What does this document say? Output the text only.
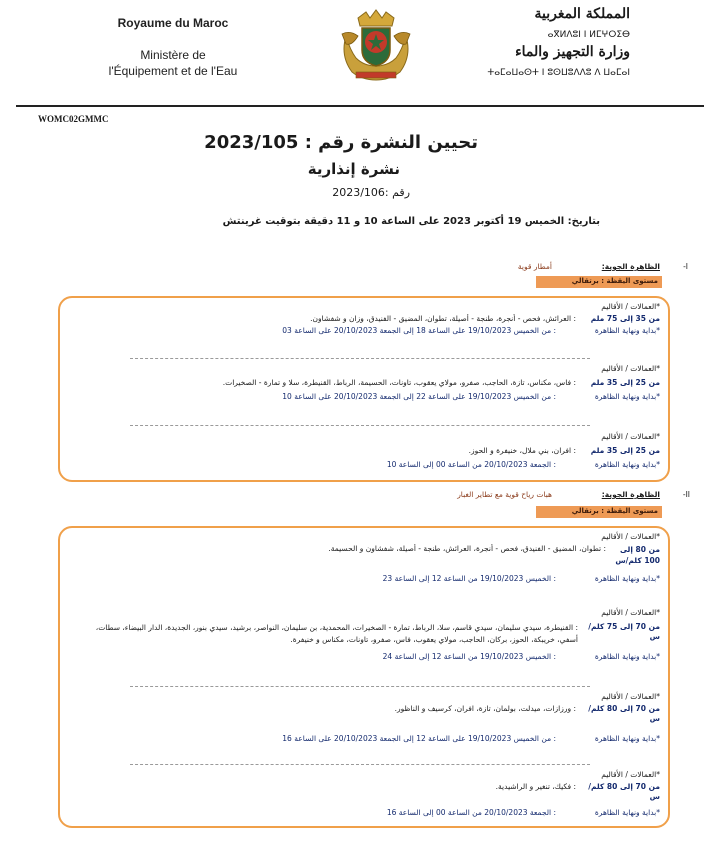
Royaume du Maroc
Ministère de
l'Équipement et de l'Eau
المملكة المغربية
ⴰⴳⵍⴷⵓⵏ ⵏ ⵍⵎⵖⵔⵉⴱ
وزارة التجهيز والماء
ⵜⴰⵎⴰⵡⴰⵙⵜ ⵏ ⵓⵙⵡⵓⴷⴷⵓ ⴷ ⵡⴰⵎⴰⵏ
WOMC02GMMC
تحيين النشرة رقم : 2023/105
نشرة إنذارية
رقم :2023/106
بتاريخ: الخميس 19 أكتوبر 2023 على الساعة 10 و 11 دقيقة بتوقيت غرينتش
-I
الظاهرة الجوية:
أمطار قوية
مستوى اليقظة : برتقالي
*العمالات / الأقاليم
من 35 إلى 75 ملم
: العرائش، فحص - أنجرة، طنجة - أصيلة، تطوان، المضيق - الفنيدق، وزان و شفشاون.
*بداية ونهاية الظاهرة
: من الخميس 19/10/2023 على الساعة 18 إلى الجمعة 20/10/2023 على الساعة 03
*العمالات / الأقاليم
من 25 إلى 35 ملم
: فاس، مكناس، تازة، الحاجب، صفرو، مولاي يعقوب، تاونات، الحسيمة، الرباط، القنيطرة، سلا و تمارة - الصخيرات.
*بداية ونهاية الظاهرة
: من الخميس 19/10/2023 على الساعة 22 إلى الجمعة 20/10/2023 على الساعة 10
*العمالات / الأقاليم
من 25 إلى 35 ملم
: افران، بني ملال، خنيفرة و الحوز.
*بداية ونهاية الظاهرة
: الجمعة 20/10/2023 من الساعة 00 إلى الساعة 10
-II
الظاهرة الجوية:
هبات رياح قوية مع تطاير الغبار
مستوى اليقظة : برتقالي
*العمالات / الأقاليم
من 80 إلى 100 كلم/س
: تطوان، المضيق - الفنيدق، فحص - أنجرة، العرائش، طنجة - أصيلة، شفشاون و الحسيمة.
*بداية ونهاية الظاهرة
: الخميس 19/10/2023 من الساعة 12 إلى الساعة 23
*العمالات / الأقاليم
من 70 إلى 75 كلم/س
: القنيطرة، سيدي سليمان، سيدي قاسم، سلا، الرباط، تمارة - الصخيرات، المحمدية، بن سليمان، النواصر، برشيد، سيدي بنور، الجديدة، الدار البيضاء، سطات، أسفي، خريبكة، الحوز، بركان، الحاجب، مولاي يعقوب، فاس، صفرو، تاونات، مكناس و خنيفرة.
*بداية ونهاية الظاهرة
: الخميس 19/10/2023 من الساعة 12 إلى الساعة 24
*العمالات / الأقاليم
من 70 إلى 80 كلم/ س
: ورزازات، ميدلت، بولمان، تازة، افران، كرسيف و الناظور.
*بداية ونهاية الظاهرة
: من الخميس 19/10/2023 على الساعة 12 إلى الجمعة 20/10/2023 على الساعة 16
*العمالات / الأقاليم
من 70 إلى 80 كلم/س
: فكيك، تنغير و الراشيدية.
*بداية ونهاية الظاهرة
: الجمعة 20/10/2023 من الساعة 00 إلى الساعة 16
